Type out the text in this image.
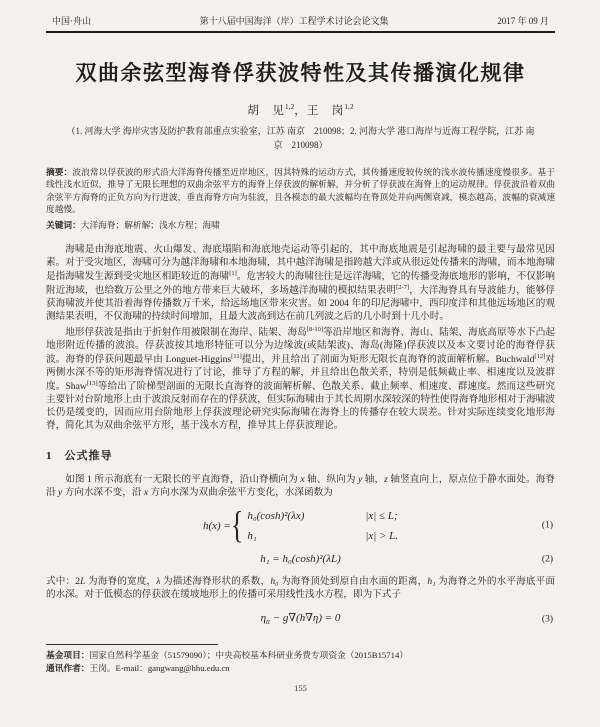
中国·舟山	第十八届中国海洋（岸）工程学术讨论会论文集	2017 年 09 月
双曲余弦型海脊俘获波特性及其传播演化规律
胡　见$^{1,2}$，王　岗$^{1,2}$
（1. 河海大学 海岸灾害及防护教育部重点实验室，江苏 南京　210098；2. 河海大学 港口海岸与近海工程学院，江苏 南京　210098）
摘要：波浪常以俘获波的形式沿大洋海脊传播至近岸地区，因其特殊的运动方式，其传播速度较传统的浅水波传播速度慢很多。基于线性浅水近似，推导了无限长理想的双曲余弦平方的海脊上俘获波的解析解，并分析了俘获波在海脊上的运动规律。俘获波沿着双曲余弦平方海脊的正负方向为行进波，垂直海脊方向为驻波，且各模态的最大波幅均在脊顶处并向两侧衰减，模态越高，波幅的衰减速度越慢。
关键词：大洋海脊；解析解；浅水方程；海啸

海啸是由海底地震、火山爆发、海底塌陷和海底地壳运动等引起的，其中海底地震是引起海啸的最主要与最常见因素。对于受灾地区，海啸可分为越洋海啸和本地海啸，其中越洋海啸是指跨越大洋或从很远处传播来的海啸，而本地海啸是指海啸发生源到受灾地区相距较近的海啸[1]。危害较大的海啸往往是远洋海啸，它的传播受海底地形的影响，不仅影响附近海域，也给数万公里之外的地方带来巨大破坏，多场越洋海啸的模拟结果表明[2-7]，大洋海脊具有导波能力，能够俘获海啸波并使其沿着海脊传播数万千米，给远场地区带来灾害。如 2004 年的印尼海啸中，西印度洋和其他远场地区的观测结果表明，不仅海啸的持续时间增加，且最大波高到达在前几列波之后的几小时到十几小时。

地形俘获波是指由于折射作用被限制在海岸、陆架、海岛[8-10]等沿岸地区和海脊、海山、陆架、海底高原等水下凸起地形附近传播的波浪。俘获波按其地形特征可以分为边缘波(或陆架波)、海岛(海隆)俘获波以及本文要讨论的海脊俘获波。海脊的俘获问题最早由 Longuet-Higgins[11]提出，并且给出了剖面为矩形无限长直海脊的波面解析解。Buchwald[12]对两侧水深不等的矩形海脊情况进行了讨论，推导了方程的解，并且给出色散关系，特别是低频截止率、相速度以及波群度。Shaw[13]等给出了阶梯型剖面的无限长直海脊的波面解析解、色散关系、截止频率、相速度、群速度。然而这些研究主要针对台阶地形上由于波浪反射而存在的俘获波，但实际海啸由于其长周期水深较深的特性使得海脊地形相对于海啸波长仍是缓变的，因而应用台阶地形上俘获波理论研究实际海啸在海脊上的传播存在较大误差。针对实际连续变化地形海脊，简化其为双曲余弦平方形，基于浅水方程，推导其上俘获波理论。

1　公式推导

如图 1 所示海底有一无限长的平直海脊，沿山脊横向为 x 轴、纵向为 y 轴，z 轴竖直向上，原点位于静水面处。海脊沿 y 方向水深不变，沿 x 方向水深为双曲余弦平方变化，水深函数为

h(x) = { h₀(cosh)²(λx)	|x| ≤ L;
h₁	|x| > L.
(1)
h₁ = h₀(cosh)²(λL)	(2)

式中：2L 为海脊的宽度，λ 为描述海脊形状的系数，h₀ 为海脊顶处到原自由水面的距离，h₁ 为海脊之外的水平海底平面的水深。对于低模态的俘获波在缓坡地形上的传播可采用线性浅水方程，即为下式子

$\eta_{tt} - g\nabla(h\nabla\eta) = 0$	(3)
基金项目：国家自然科学基金（51579090）；中央高校基本科研业务费专项资金（2015B15714）
通讯作者：王岗。E-mail：gangwang@hhu.edu.cn
155
